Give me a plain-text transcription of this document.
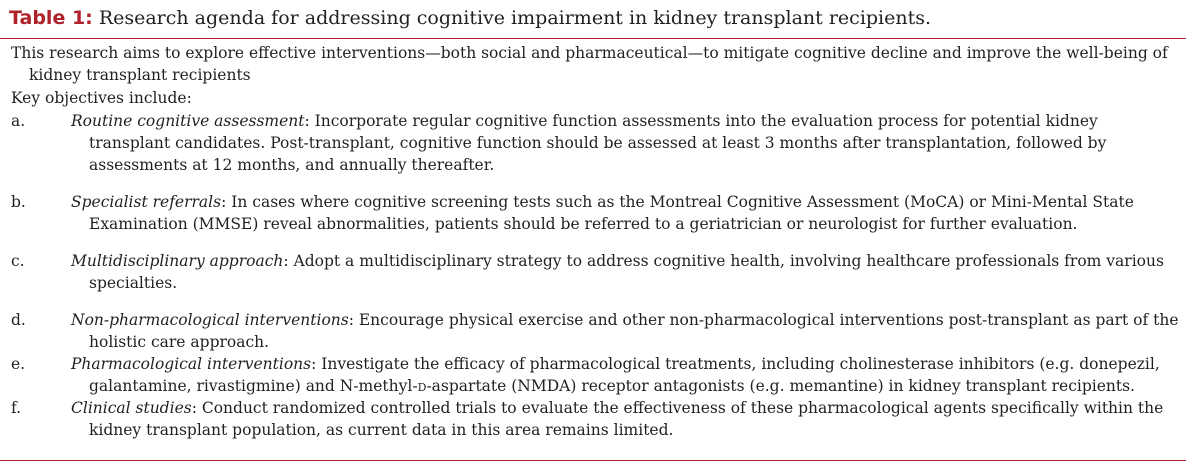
Table 1: Research agenda for addressing cognitive impairment in kidney transplant recipients.

This research aims to explore effective interventions—both social and pharmaceutical—to mitigate cognitive decline and improve the well-being of kidney transplant recipients

Key objectives include:

a.	Routine cognitive assessment: Incorporate regular cognitive function assessments into the evaluation process for potential kidney transplant candidates. Post-transplant, cognitive function should be assessed at least 3 months after transplantation, followed by assessments at 12 months, and annually thereafter.
b.	Specialist referrals: In cases where cognitive screening tests such as the Montreal Cognitive Assessment (MoCA) or Mini-Mental State Examination (MMSE) reveal abnormalities, patients should be referred to a geriatrician or neurologist for further evaluation.
c.	Multidisciplinary approach: Adopt a multidisciplinary strategy to address cognitive health, involving healthcare professionals from various specialties.
d.	Non-pharmacological interventions: Encourage physical exercise and other non-pharmacological interventions post-transplant as part of the holistic care approach.
e.	Pharmacological interventions: Investigate the efficacy of pharmacological treatments, including cholinesterase inhibitors (e.g. donepezil, galantamine, rivastigmine) and N-methyl-d-aspartate (NMDA) receptor antagonists (e.g. memantine) in kidney transplant recipients.
f.	Clinical studies: Conduct randomized controlled trials to evaluate the effectiveness of these pharmacological agents specifically within the kidney transplant population, as current data in this area remains limited.
